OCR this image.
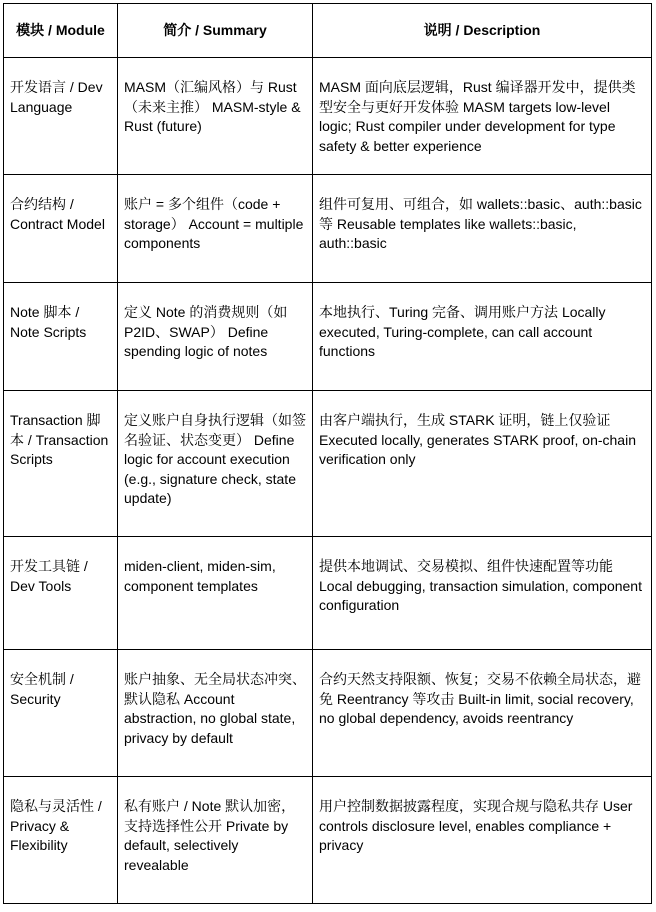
模块 / Module	简介 / Summary	说明 / Description
开发语言 / Dev Language	MASM（汇编风格）与 Rust（未来主推） MASM-style & Rust (future)	MASM 面向底层逻辑，Rust 编译器开发中，提供类型安全与更好开发体验 MASM targets low-level logic; Rust compiler under development for type safety & better experience
合约结构 / Contract Model	账户 = 多个组件（code + storage） Account = multiple components	组件可复用、可组合，如 wallets::basic、auth::basic 等 Reusable templates like wallets::basic, auth::basic
Note 脚本 / Note Scripts	定义 Note 的消费规则（如 P2ID、SWAP） Define spending logic of notes	本地执行、Turing 完备、调用账户方法 Locally executed, Turing-complete, can call account functions
Transaction 脚本 / Transaction Scripts	定义账户自身执行逻辑（如签名验证、状态变更） Define logic for account execution (e.g., signature check, state update)	由客户端执行，生成 STARK 证明，链上仅验证 Executed locally, generates STARK proof, on-chain verification only
开发工具链 / Dev Tools	miden-client, miden-sim, component templates	提供本地调试、交易模拟、组件快速配置等功能 Local debugging, transaction simulation, component configuration
安全机制 / Security	账户抽象、无全局状态冲突、默认隐私 Account abstraction, no global state, privacy by default	合约天然支持限额、恢复；交易不依赖全局状态，避免 Reentrancy 等攻击 Built-in limit, social recovery, no global dependency, avoids reentrancy
隐私与灵活性 / Privacy & Flexibility	私有账户 / Note 默认加密，支持选择性公开 Private by default, selectively revealable	用户控制数据披露程度，实现合规与隐私共存 User controls disclosure level, enables compliance + privacy
